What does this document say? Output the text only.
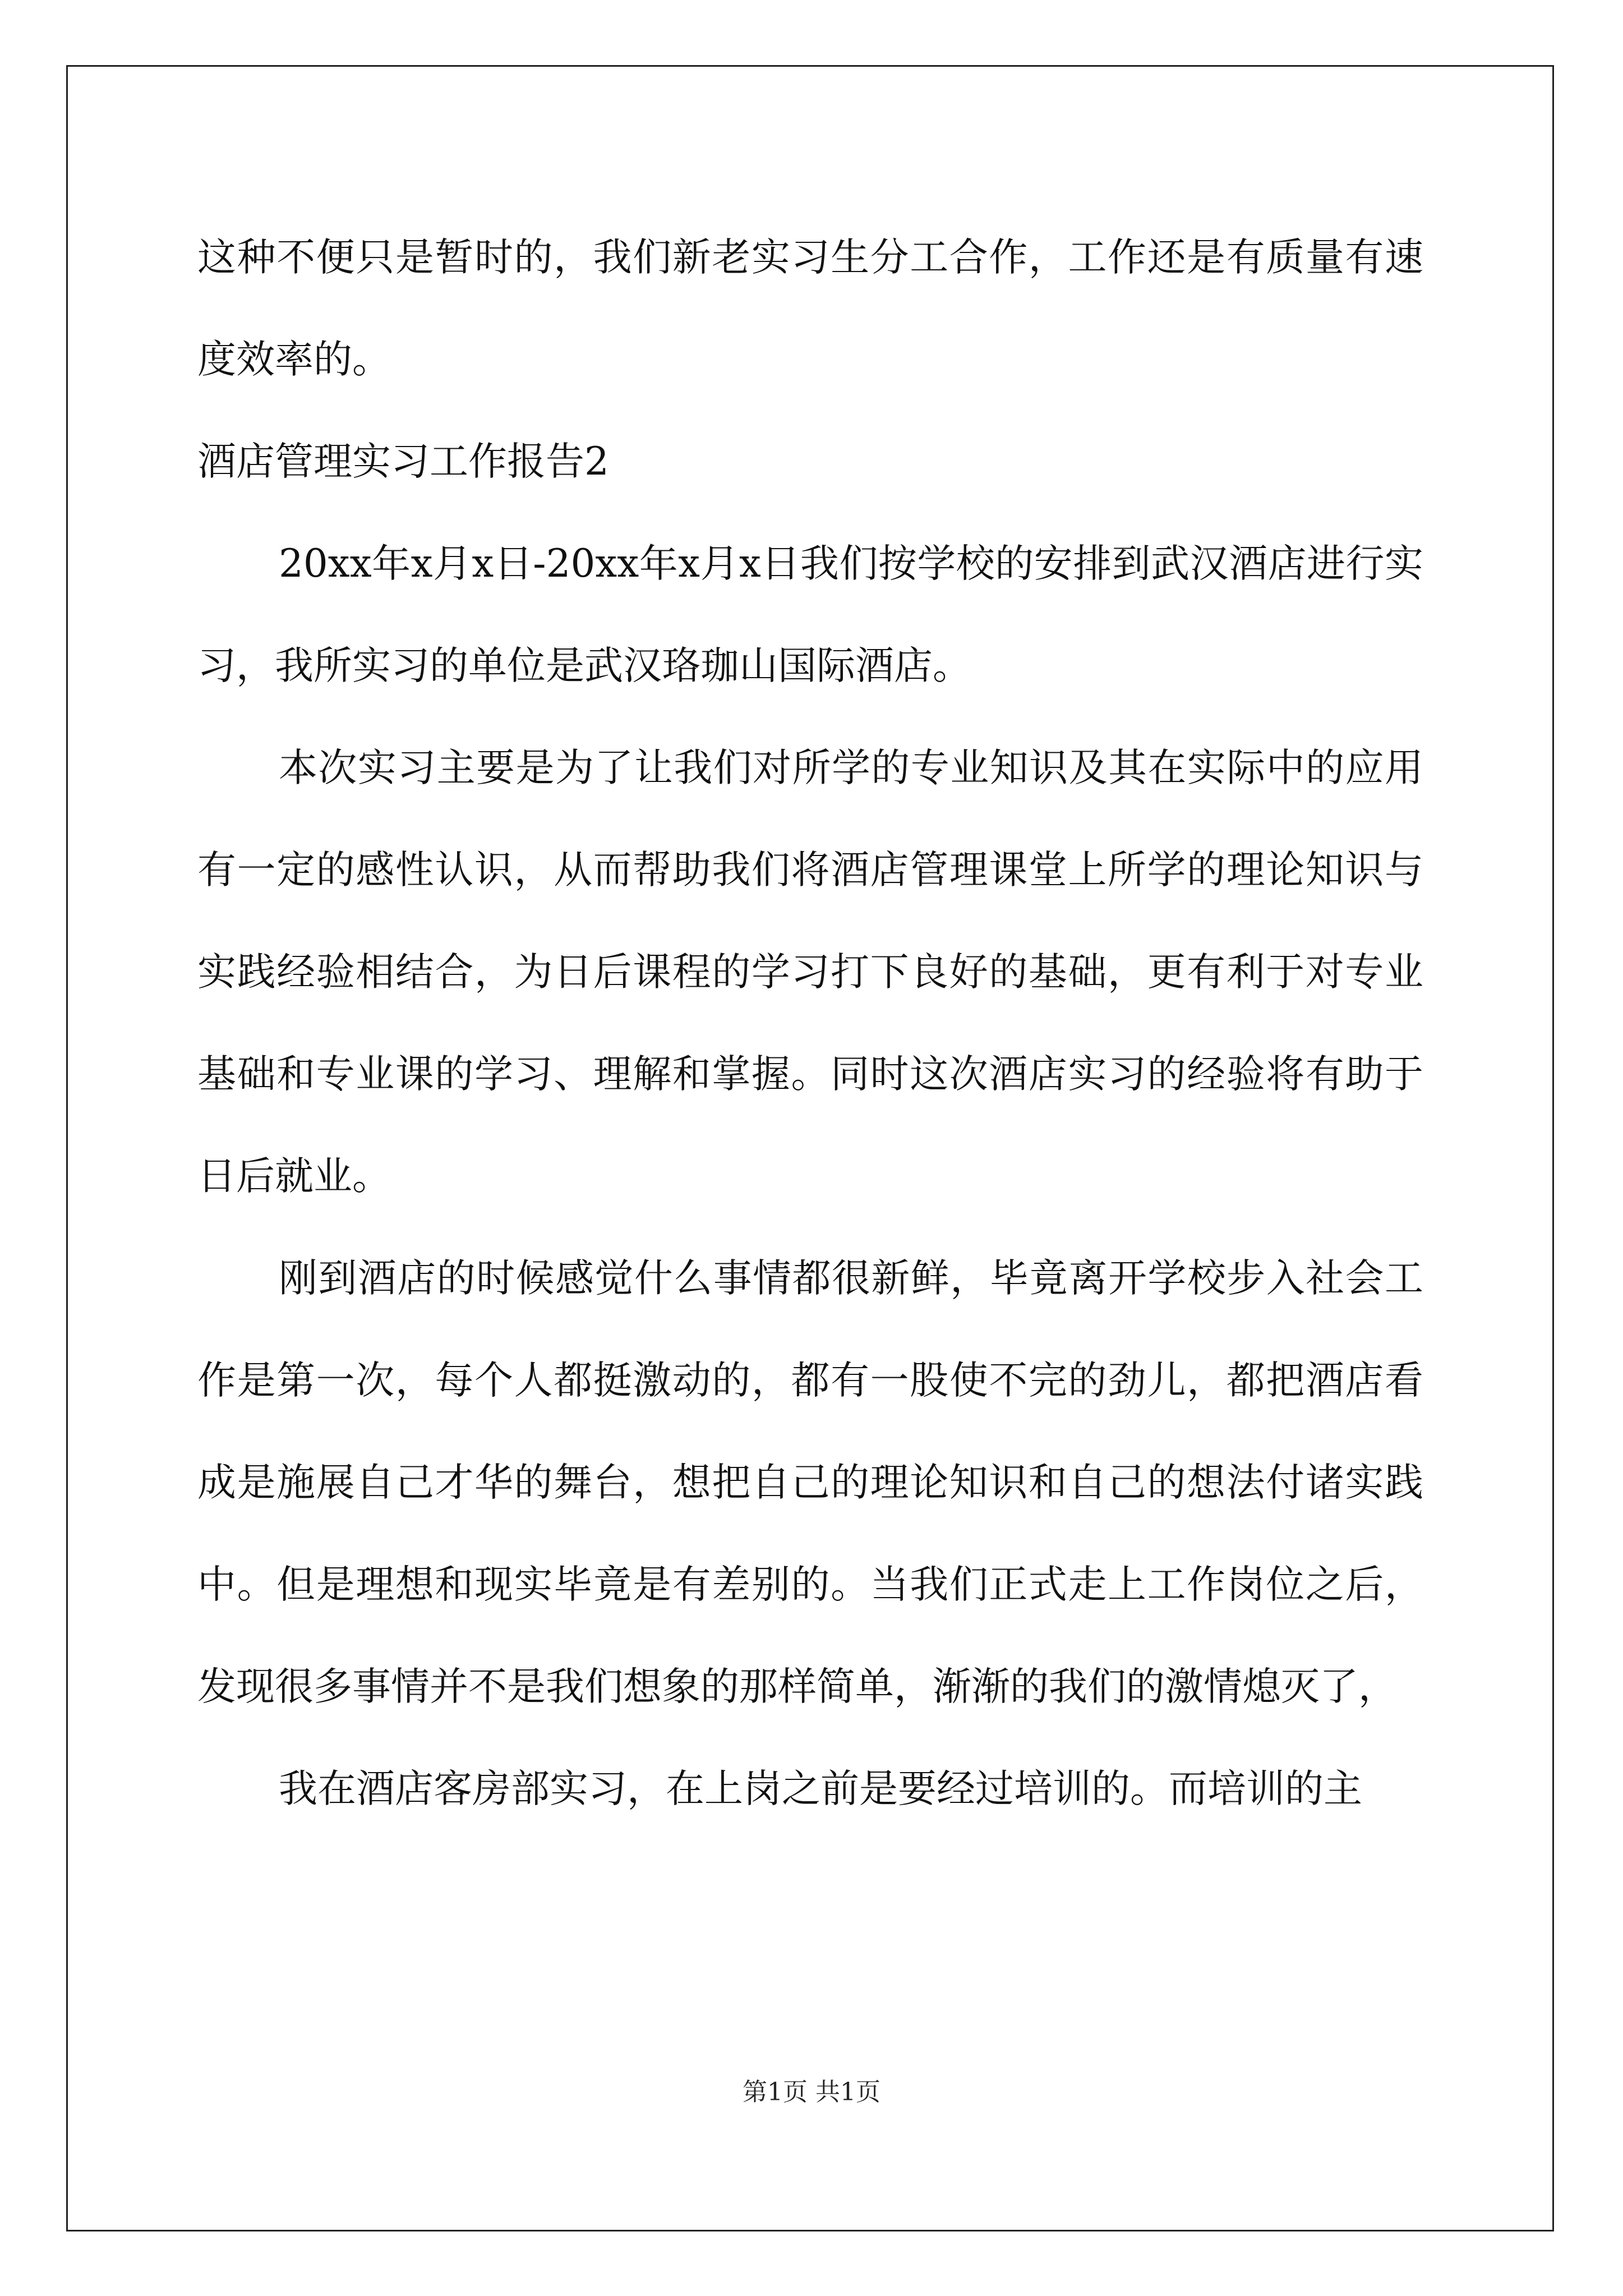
这种不便只是暂时的，我们新老实习生分工合作，工作还是有质量有速度效率的。

酒店管理实习工作报告2

20xx年x月x日-20xx年x月x日我们按学校的安排到武汉酒店进行实习，我所实习的单位是武汉珞珈山国际酒店。

本次实习主要是为了让我们对所学的专业知识及其在实际中的应用有一定的感性认识，从而帮助我们将酒店管理课堂上所学的理论知识与实践经验相结合，为日后课程的学习打下良好的基础，更有利于对专业基础和专业课的学习、理解和掌握。同时这次酒店实习的经验将有助于日后就业。

刚到酒店的时候感觉什么事情都很新鲜，毕竟离开学校步入社会工作是第一次，每个人都挺激动的，都有一股使不完的劲儿，都把酒店看成是施展自己才华的舞台，想把自己的理论知识和自己的想法付诸实践中。但是理想和现实毕竟是有差别的。当我们正式走上工作岗位之后，发现很多事情并不是我们想象的那样简单，渐渐的我们的激情熄灭了，

我在酒店客房部实习，在上岗之前是要经过培训的。而培训的主

第1页 共1页
